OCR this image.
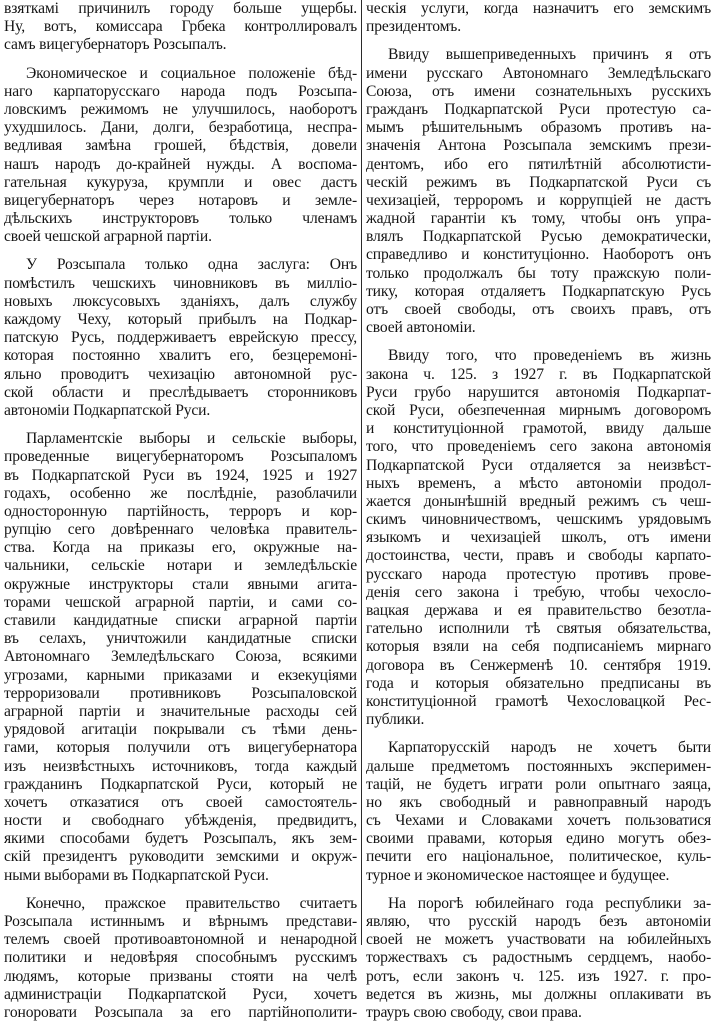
взяткамі причинилъ городу больше ущербы.
Ну, вотъ, комиссара Грбека контроллировалъ
самъ вицегубернаторъ Розсыпалъ.
Экономическое и социальное положеніе бѣд-
наго карпаторусскаго народа подъ Розсыпа-
ловскимъ режимомъ не улучшилось, наоборотъ
ухудшилось. Дани, долги, безработица, неспра-
ведливая замѣна грошей, бѣдствія, довели
нашъ народъ до-крайней нужды. А воспома-
гательная кукуруза, крумпли и овес дастъ
вицегубернаторъ через нотаровъ и земле-
дѣльскихъ инструкторовъ только членамъ
своей чешской аграрной партіи.
У Розсыпала только одна заслуга: Онъ
помѣстилъ чешскихъ чиновниковъ въ милліо-
новыхъ люксусовыхъ зданіяхъ, далъ службу
каждому Чеху, который прибылъ на Подкар-
патскую Русь, поддерживаетъ еврейскую прессу,
которая постоянно хвалитъ его, безцеремоні-
яльно проводитъ чехизацію автономной рус-
ской области и преслѣдываетъ сторонниковъ
автономіи Подкарпатской Руси.
Парламентскіе выборы и сельскіе выборы,
проведенные вицегубернаторомъ Розсыпаломъ
въ Подкарпатской Руси въ 1924, 1925 и 1927
годахъ, особенно же послѣдніе, разоблачили
односторонную партійность, терроръ и кор-
рупцію сего довѣреннаго человѣка правитель-
ства. Когда на приказы его, окружные на-
чальники, сельскіе нотари и земледѣльскіе
окружные инструкторы стали явными агита-
торами чешской аграрной партіи, и сами со-
ставили кандидатные списки аграрной партіи
въ селахъ, уничтожили кандидатные списки
Автономнаго Земледѣльскаго Союза, всякими
угрозами, карными приказами и екзекуціями
терроризовали противниковъ Розсыпаловской
аграрной партіи и значительные расходы сей
урядовой агитаціи покрывали съ тѣми день-
гами, которыя получили отъ вицегубернатора
изъ неизвѣстныхъ источниковъ, тогда каждый
гражданинъ Подкарпатской Руси, который не
хочетъ отказатися отъ своей самостоятель-
ности и свободнаго убѣжденія, предвидитъ,
якими способами будетъ Розсыпалъ, якъ зем-
скій президентъ руководити земскими и окруж-
ными выборами въ Подкарпатской Руси.
Конечно, пражское правительство считаетъ
Розсыпала истиннымъ и вѣрнымъ представи-
телемъ своей противоавтономной и ненародной
политики и недовѣряя способнымъ русскимъ
людямъ, которые призваны стояти на челѣ
администраціи Подкарпатской Руси, хочетъ
гоноровати Розсыпала за его партійнополити-
ческія услуги, когда назначитъ его земскимъ
президентомъ.
Ввиду вышеприведенныхъ причинъ я отъ
имени русскаго Автономнаго Земледѣльскаго
Союза, отъ имени сознательныхъ русскихъ
гражданъ Подкарпатской Руси протестую са-
мымъ рѣшительнымъ образомъ противъ на-
значенія Антона Розсыпала земскимъ прези-
дентомъ, ибо его пятилѣтній абсолютисти-
ческій режимъ въ Подкарпатской Руси съ
чехизаціей, терроромъ и коррупціей не дастъ
жадной гарантіи къ тому, чтобы онъ упра-
влялъ Подкарпатской Русью демократически,
справедливо и конституціонно. Наоборотъ онъ
только продолжалъ бы тоту пражскую поли-
тику, которая отдаляетъ Подкарпатскую Русь
отъ своей свободы, отъ своихъ правъ, отъ
своей автономіи.
Ввиду того, что проведеніемъ въ жизнь
закона ч. 125. з 1927 г. въ Подкарпатской
Руси грубо нарушится автономія Подкарпат-
ской Руси, обезпеченная мирнымъ договоромъ
и конституціонной грамотой, ввиду дальше
того, что проведеніемъ сего закона автономія
Подкарпатской Руси отдаляется за неизвѣст-
ныхъ временъ, а мѣсто автономіи продол-
жается донынѣшній вредный режимъ съ чеш-
скимъ чиновничествомъ, чешскимъ урядовымъ
языкомъ и чехизаціей школъ, отъ имени
достоинства, чести, правъ и свободы карпато-
русскаго народа протестую противъ прове-
денія сего закона і требую, чтобы чехосло-
вацкая держава и ея правительство безотла-
гательно исполнили тѣ святыя обязательства,
которыя взяли на себя подписаніемъ мирнаго
договора въ Сенжерменѣ 10. сентября 1919.
года и которыя обязательно предписаны въ
конституціонной грамотѣ Чехословацкой Рес-
публики.
Карпаторусскій народъ не хочетъ быти
дальше предметомъ постоянныхъ эксперимен-
тацій, не будетъ играти роли опытнаго заяца,
но якъ свободный и равноправный народъ
съ Чехами и Словаками хочетъ пользоватися
своими правами, которыя едино могутъ обез-
печити его національное, политическое, куль-
турное и экономическое настоящее и будущее.
На порогѣ юбилейнаго года республики за-
являю, что русскій народъ безъ автономіи
своей не можетъ участвовати на юбилейныхъ
торжествахъ съ радостнымъ сердцемъ, наобо-
ротъ, если законъ ч. 125. изъ 1927. г. про-
ведется въ жизнь, мы должны оплакивати въ
трауръ свою свободу, свои права.
